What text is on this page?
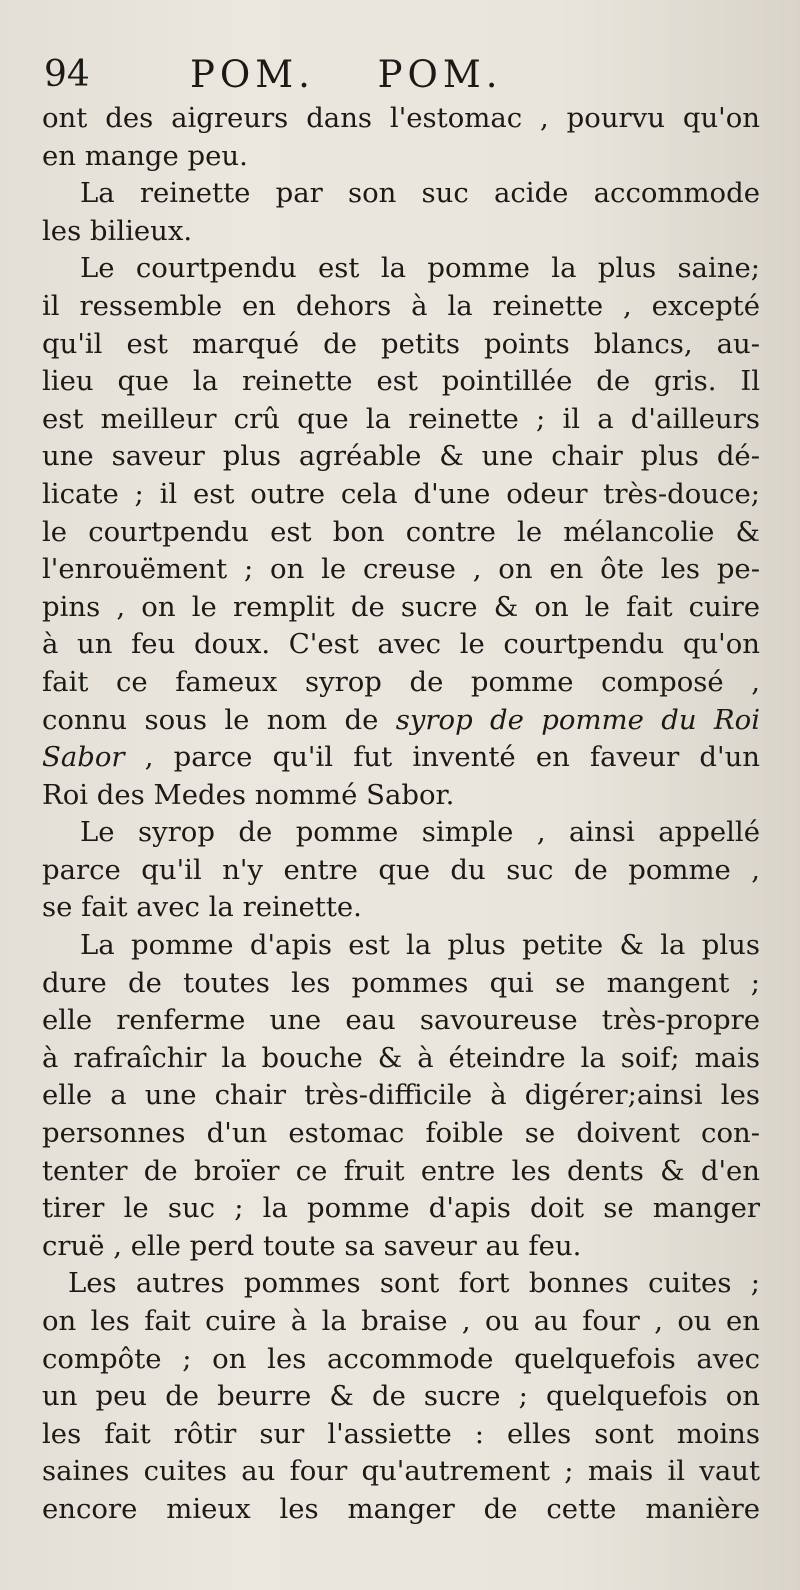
94	POM. POM.
ont des aigreurs dans l'estomac , pourvu qu'on
en mange peu.
La reinette par son suc acide accommode
les bilieux.
Le courtpendu est la pomme la plus saine;
il ressemble en dehors à la reinette , excepté
qu'il est marqué de petits points blancs, au-
lieu que la reinette est pointillée de gris. Il
est meilleur crû que la reinette ; il a d'ailleurs
une saveur plus agréable & une chair plus dé-
licate ; il est outre cela d'une odeur très-douce;
le courtpendu est bon contre le mélancolie &
l'enrouëment ; on le creuse , on en ôte les pe-
pins , on le remplit de sucre & on le fait cuire
à un feu doux. C'est avec le courtpendu qu'on
fait ce fameux syrop de pomme composé ,
connu sous le nom de syrop de pomme du Roi
Sabor , parce qu'il fut inventé en faveur d'un
Roi des Medes nommé Sabor.
Le syrop de pomme simple , ainsi appellé
parce qu'il n'y entre que du suc de pomme ,
se fait avec la reinette.
La pomme d'apis est la plus petite & la plus
dure de toutes les pommes qui se mangent ;
elle renferme une eau savoureuse très-propre
à rafraîchir la bouche & à éteindre la soif; mais
elle a une chair très-difficile à digérer;ainsi les
personnes d'un estomac foible se doivent con-
tenter de broïer ce fruit entre les dents & d'en
tirer le suc ; la pomme d'apis doit se manger
cruë , elle perd toute sa saveur au feu.
Les autres pommes sont fort bonnes cuites ;
on les fait cuire à la braise , ou au four , ou en
compôte ; on les accommode quelquefois avec
un peu de beurre & de sucre ; quelquefois on
les fait rôtir sur l'assiette : elles sont moins
saines cuites au four qu'autrement ; mais il vaut
encore mieux les manger de cette manière
